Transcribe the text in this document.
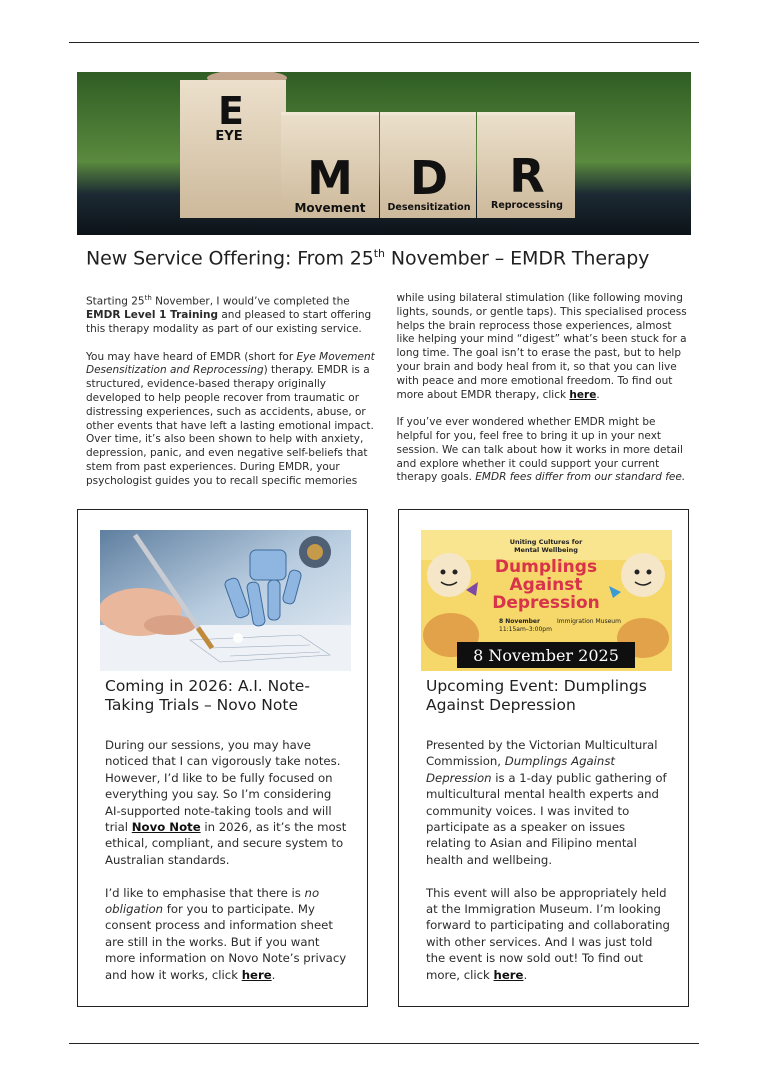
E
EYE
M
Movement
D
Desensitization
R
Reprocessing
New Service Offering: From 25th November – EMDR Therapy

Starting 25th November, I would’ve completed the EMDR Level 1 Training and pleased to start offering this therapy modality as part of our existing service.

You may have heard of EMDR (short for Eye Movement Desensitization and Reprocessing) therapy. EMDR is a structured, evidence-based therapy originally developed to help people recover from traumatic or distressing experiences, such as accidents, abuse, or other events that have left a lasting emotional impact. Over time, it’s also been shown to help with anxiety, depression, panic, and even negative self-beliefs that stem from past experiences. During EMDR, your psychologist guides you to recall specific memories while using bilateral stimulation (like following moving lights, sounds, or gentle taps). This specialised process helps the brain reprocess those experiences, almost like helping your mind “digest” what’s been stuck for a long time. The goal isn’t to erase the past, but to help your brain and body heal from it, so that you can live with peace and more emotional freedom. To find out more about EMDR therapy, click here.

If you’ve ever wondered whether EMDR might be helpful for you, feel free to bring it up in your next session. We can talk about how it works in more detail and explore whether it could support your current therapy goals. EMDR fees differ from our standard fee.

Coming in 2026: A.I. Note-Taking Trials – Novo Note

During our sessions, you may have noticed that I can vigorously take notes. However, I’d like to be fully focused on everything you say. So I’m considering AI-supported note-taking tools and will trial Novo Note in 2026, as it’s the most ethical, compliant, and secure system to Australian standards.

I’d like to emphasise that there is no obligation for you to participate. My consent process and information sheet are still in the works. But if you want more information on Novo Note’s privacy and how it works, click here.

Uniting Cultures for
Mental Wellbeing
Dumplings
Against
Depression
8 November
11:15am–3:00pm
Immigration Museum
8 November 2025
Upcoming Event: Dumplings Against Depression

Presented by the Victorian Multicultural Commission, Dumplings Against Depression is a 1-day public gathering of multicultural mental health experts and community voices. I was invited to participate as a speaker on issues relating to Asian and Filipino mental health and wellbeing.

This event will also be appropriately held at the Immigration Museum. I’m looking forward to participating and collaborating with other services. And I was just told the event is now sold out! To find out more, click here.
